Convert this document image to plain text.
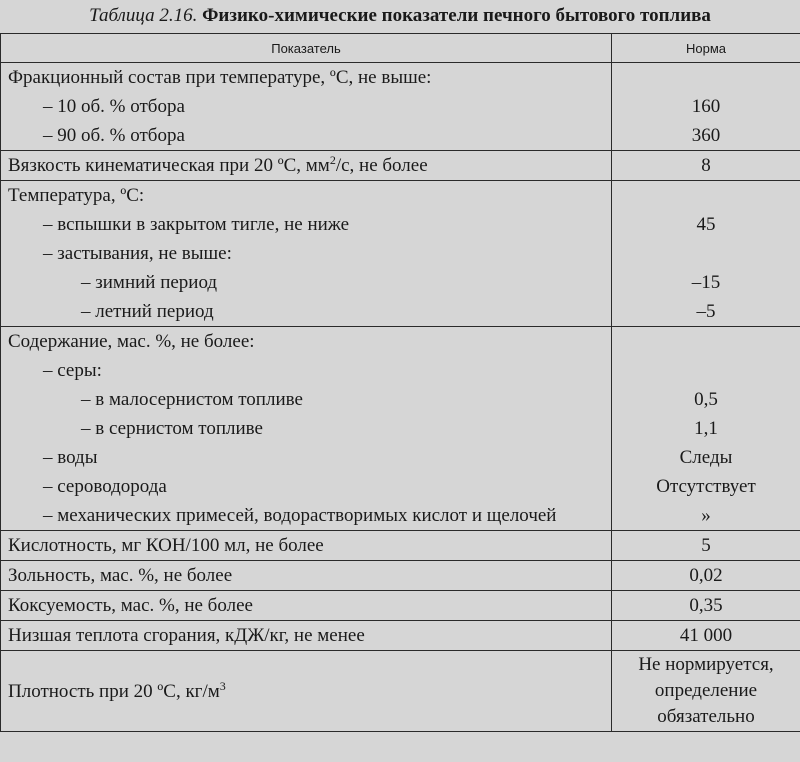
Таблица 2.16. Физико-химические показатели печного бытового топлива
Показатель	Норма
Фракционный состав при температуре, ºС, не выше:	
– 10 об. % отбора	160
– 90 об. % отбора	360
Вязкость кинематическая при 20 ºС, $мм^2/с$, не более	8
Температура, ºС:	
– вспышки в закрытом тигле, не ниже	45
– застывания, не выше:	
– зимний период	–15
– летний период	–5
Содержание, мас. %, не более:	
– серы:	
– в малосернистом топливе	0,5
– в сернистом топливе	1,1
– воды	Следы
– сероводорода	Отсутствует
– механических примесей, водорастворимых кислот и щелочей	»
Кислотность, мг КОН/100 мл, не более	5
Зольность, мас. %, не более	0,02
Коксуемость, мас. %, не более	0,35
Низшая теплота сгорания, кДЖ/кг, не менее	41 000
Плотность при 20 ºС, $кг/м^3$	Не нормируется,
определение
обязательно
